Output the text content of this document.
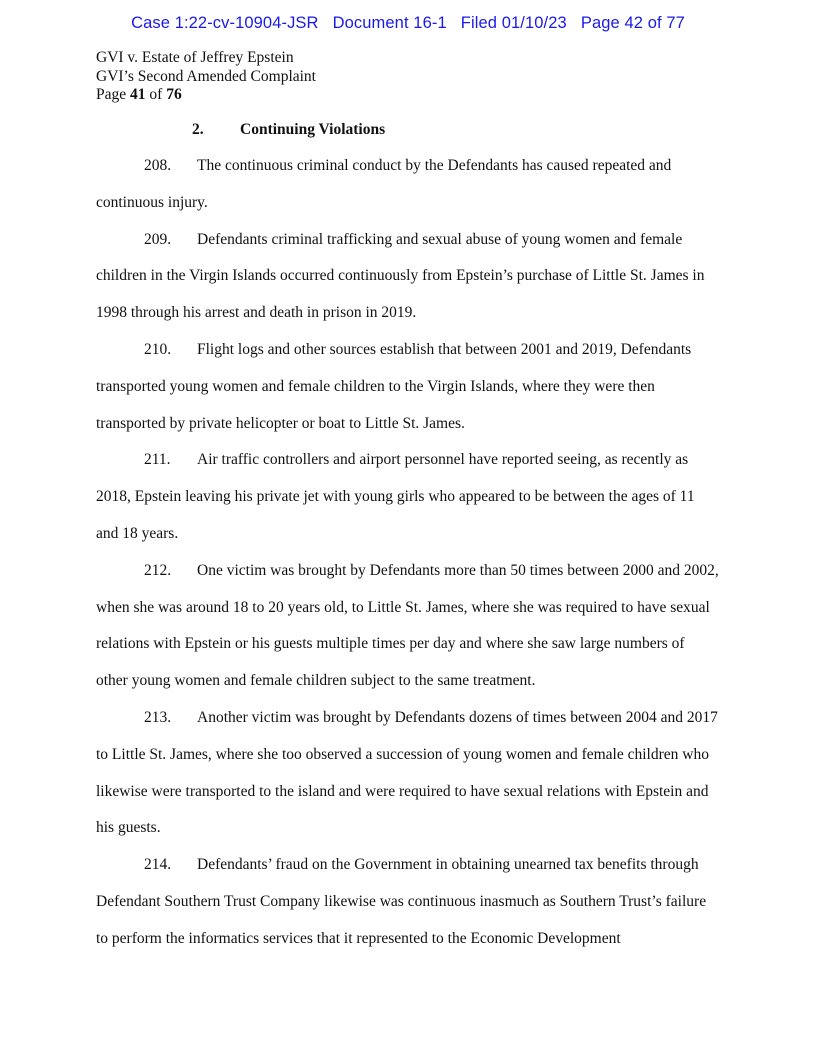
Case 1:22-cv-10904-JSR Document 16-1 Filed 01/10/23 Page 42 of 77
GVI v. Estate of Jeffrey Epstein
GVI’s Second Amended Complaint
Page 41 of 76
2. Continuing Violations

208. The continuous criminal conduct by the Defendants has caused repeated and continuous injury.

209. Defendants criminal trafficking and sexual abuse of young women and female children in the Virgin Islands occurred continuously from Epstein’s purchase of Little St. James in 1998 through his arrest and death in prison in 2019.

210. Flight logs and other sources establish that between 2001 and 2019, Defendants transported young women and female children to the Virgin Islands, where they were then transported by private helicopter or boat to Little St. James.

211. Air traffic controllers and airport personnel have reported seeing, as recently as 2018, Epstein leaving his private jet with young girls who appeared to be between the ages of 11 and 18 years.

212. One victim was brought by Defendants more than 50 times between 2000 and 2002, when she was around 18 to 20 years old, to Little St. James, where she was required to have sexual relations with Epstein or his guests multiple times per day and where she saw large numbers of other young women and female children subject to the same treatment.

213. Another victim was brought by Defendants dozens of times between 2004 and 2017 to Little St. James, where she too observed a succession of young women and female children who likewise were transported to the island and were required to have sexual relations with Epstein and his guests.

214. Defendants’ fraud on the Government in obtaining unearned tax benefits through Defendant Southern Trust Company likewise was continuous inasmuch as Southern Trust’s failure to perform the informatics services that it represented to the Economic Development
